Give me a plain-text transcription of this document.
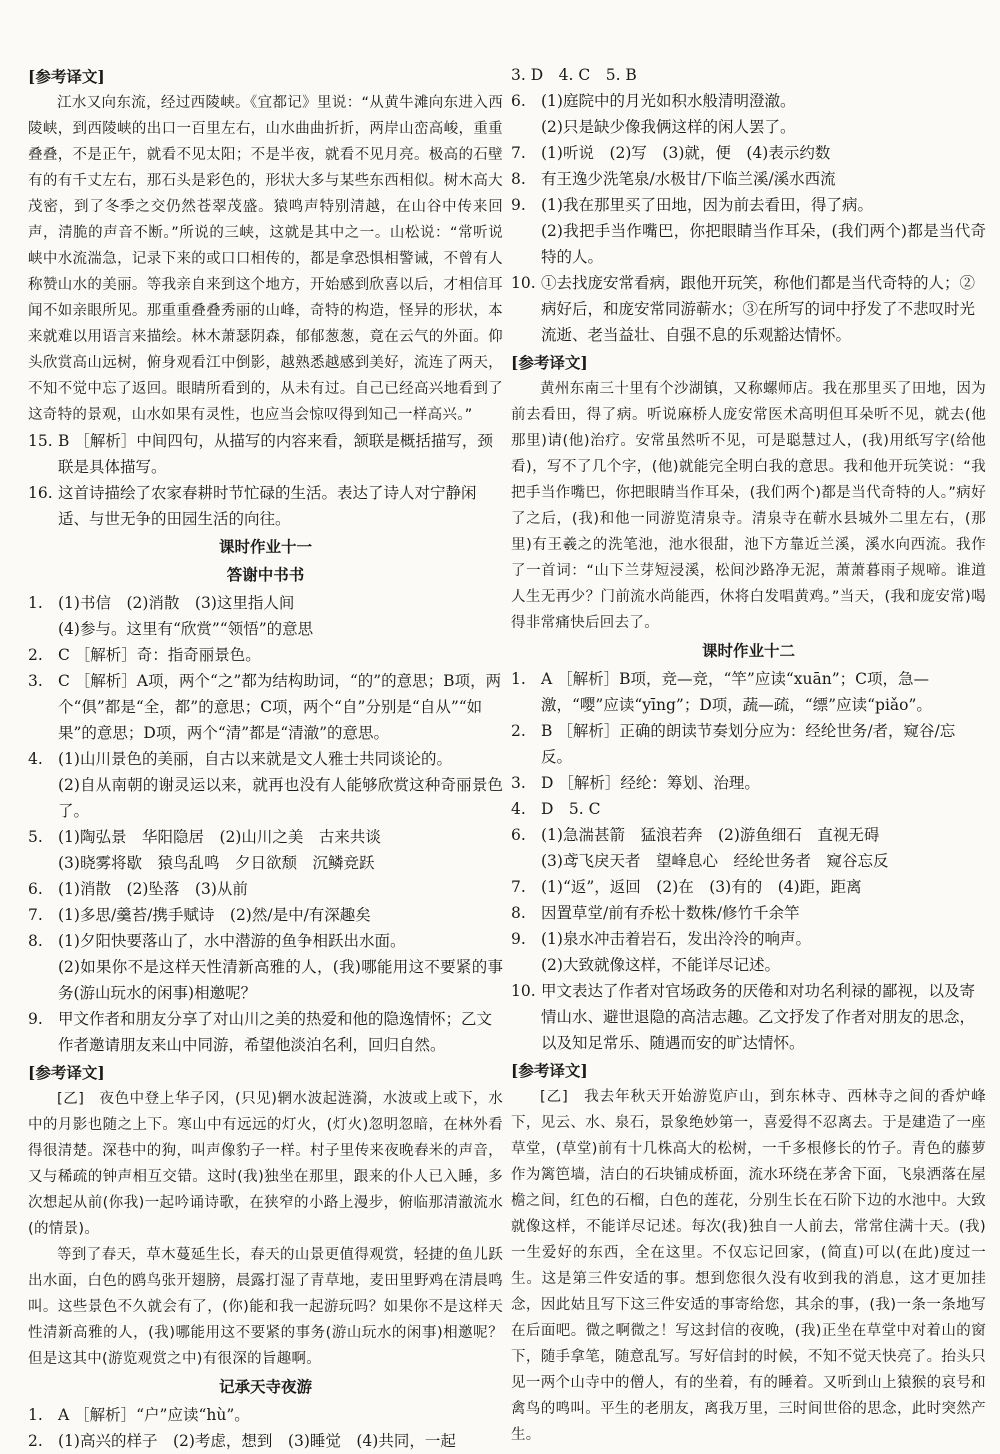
[参考译文]

江水又向东流，经过西陵峡。《宜都记》里说：“从黄牛滩向东进入西陵峡，到西陵峡的出口一百里左右，山水曲曲折折，两岸山峦高峻，重重叠叠，不是正午，就看不见太阳；不是半夜，就看不见月亮。极高的石壁有的有千丈左右，那石头是彩色的，形状大多与某些东西相似。树木高大茂密，到了冬季之交仍然苍翠茂盛。猿鸣声特别清越，在山谷中传来回声，清脆的声音不断。”所说的三峡，这就是其中之一。山松说：“常听说峡中水流湍急，记录下来的或口口相传的，都是拿恐惧相警诫，不曾有人称赞山水的美丽。等我亲自来到这个地方，开始感到欣喜以后，才相信耳闻不如亲眼所见。那重重叠叠秀丽的山峰，奇特的构造，怪异的形状，本来就难以用语言来描绘。林木萧瑟阴森，郁郁葱葱，竟在云气的外面。仰头欣赏高山远树，俯身观看江中倒影，越熟悉越感到美好，流连了两天，不知不觉中忘了返回。眼睛所看到的，从未有过。自己已经高兴地看到了这奇特的景观，山水如果有灵性，也应当会惊叹得到知己一样高兴。”

15. B ［解析］中间四句，从描写的内容来看，颔联是概括描写，颈联是具体描写。
16. 这首诗描绘了农家春耕时节忙碌的生活。表达了诗人对宁静闲适、与世无争的田园生活的向往。

课时作业十一

答谢中书书

1. (1)书信　(2)消散　(3)这里指人间

(4)参与。这里有“欣赏”“领悟”的意思

2. C ［解析］奇：指奇丽景色。
3. C ［解析］A项，两个“之”都为结构助词，“的”的意思；B项，两个“俱”都是“全，都”的意思；C项，两个“自”分别是“自从”“如果”的意思；D项，两个“清”都是“清澈”的意思。
4. (1)山川景色的美丽，自古以来就是文人雅士共同谈论的。

(2)自从南朝的谢灵运以来，就再也没有人能够欣赏这种奇丽景色了。

5. (1)陶弘景　华阳隐居　(2)山川之美　古来共谈

(3)晓雾将歇　猿鸟乱鸣　夕日欲颓　沉鳞竞跃

6. (1)消散　(2)坠落　(3)从前
7. (1)多思/羹苔/携手赋诗　(2)然/是中/有深趣矣
8. (1)夕阳快要落山了，水中潜游的鱼争相跃出水面。

(2)如果你不是这样天性清新高雅的人，(我)哪能用这不要紧的事务(游山玩水的闲事)相邀呢？

9. 甲文作者和朋友分享了对山川之美的热爱和他的隐逸情怀；乙文作者邀请朋友来山中同游，希望他淡泊名利，回归自然。

[参考译文]

[乙]　夜色中登上华子冈，(只见)辋水波起涟漪，水波或上或下，水中的月影也随之上下。寒山中有远远的灯火，(灯火)忽明忽暗，在林外看得很清楚。深巷中的狗，叫声像豹子一样。村子里传来夜晚舂米的声音，又与稀疏的钟声相互交错。这时(我)独坐在那里，跟来的仆人已入睡，多次想起从前(你我)一起吟诵诗歌，在狭窄的小路上漫步，俯临那清澈流水(的情景)。

等到了春天，草木蔓延生长，春天的山景更值得观赏，轻捷的鱼儿跃出水面，白色的鸥鸟张开翅膀，晨露打湿了青草地，麦田里野鸡在清晨鸣叫。这些景色不久就会有了，(你)能和我一起游玩吗？如果你不是这样天性清新高雅的人，(我)哪能用这不要紧的事务(游山玩水的闲事)相邀呢？但是这其中(游览观赏之中)有很深的旨趣啊。

记承天寺夜游

1. A ［解析］“户”应读“hù”。
2. (1)高兴的样子　(2)考虑，想到　(3)睡觉　(4)共同，一起

3. D　4. C　5. B

6. (1)庭院中的月光如积水般清明澄澈。

(2)只是缺少像我俩这样的闲人罢了。

7. (1)听说　(2)写　(3)就，便　(4)表示约数
8. 有王逸少洗笔泉/水极甘/下临兰溪/溪水西流
9. (1)我在那里买了田地，因为前去看田，得了病。

(2)我把手当作嘴巴，你把眼睛当作耳朵，(我们两个)都是当代奇特的人。

10. ①去找庞安常看病，跟他开玩笑，称他们都是当代奇特的人；②病好后，和庞安常同游蕲水；③在所写的词中抒发了不悲叹时光流逝、老当益壮、自强不息的乐观豁达情怀。

[参考译文]

黄州东南三十里有个沙湖镇，又称螺师店。我在那里买了田地，因为前去看田，得了病。听说麻桥人庞安常医术高明但耳朵听不见，就去(他那里)请(他)治疗。安常虽然听不见，可是聪慧过人，(我)用纸写字(给他看)，写不了几个字，(他)就能完全明白我的意思。我和他开玩笑说：“我把手当作嘴巴，你把眼睛当作耳朵，(我们两个)都是当代奇特的人。”病好了之后，(我)和他一同游览清泉寺。清泉寺在蕲水县城外二里左右，(那里)有王羲之的洗笔池，池水很甜，池下方靠近兰溪，溪水向西流。我作了一首词：“山下兰芽短浸溪，松间沙路净无泥，萧萧暮雨子规啼。谁道人生无再少？门前流水尚能西，休将白发唱黄鸡。”当天，(我和庞安常)喝得非常痛快后回去了。

课时作业十二

1. A ［解析］B项，竞—竞，“竿”应读“xuān”；C项，急—激，“嘤”应读“yīng”；D项，蔬—疏，“缥”应读“piǎo”。
2. B ［解析］正确的朗读节奏划分应为：经纶世务/者，窥谷/忘反。
3. D ［解析］经纶：筹划、治理。
4. D　5. C
6. (1)急湍甚箭　猛浪若奔　(2)游鱼细石　直视无碍

(3)鸢飞戾天者　望峰息心　经纶世务者　窥谷忘反

7. (1)“返”，返回　(2)在　(3)有的　(4)距，距离
8. 因置草堂/前有乔松十数株/修竹千余竿
9. (1)泉水冲击着岩石，发出泠泠的响声。

(2)大致就像这样，不能详尽记述。

10. 甲文表达了作者对官场政务的厌倦和对功名利禄的鄙视，以及寄情山水、避世退隐的高洁志趣。乙文抒发了作者对朋友的思念，以及知足常乐、随遇而安的旷达情怀。

[参考译文]

[乙]　我去年秋天开始游览庐山，到东林寺、西林寺之间的香炉峰下，见云、水、泉石，景象绝妙第一，喜爱得不忍离去。于是建造了一座草堂，(草堂)前有十几株高大的松树，一千多根修长的竹子。青色的藤萝作为篱笆墙，洁白的石块铺成桥面，流水环绕在茅舍下面，飞泉洒落在屋檐之间，红色的石榴，白色的莲花，分别生长在石阶下边的水池中。大致就像这样，不能详尽记述。每次(我)独自一人前去，常常住满十天。(我)一生爱好的东西，全在这里。不仅忘记回家，(简直)可以(在此)度过一生。这是第三件安适的事。想到您很久没有收到我的消息，这才更加挂念，因此姑且写下这三件安适的事寄给您，其余的事，(我)一条一条地写在后面吧。微之啊微之！写这封信的夜晚，(我)正坐在草堂中对着山的窗下，随手拿笔，随意乱写。写好信封的时候，不知不觉天快亮了。抬头只见一两个山寺中的僧人，有的坐着，有的睡着。又听到山上猿猴的哀号和禽鸟的鸣叫。平生的老朋友，离我万里，三时间世俗的思念，此时突然产生。
